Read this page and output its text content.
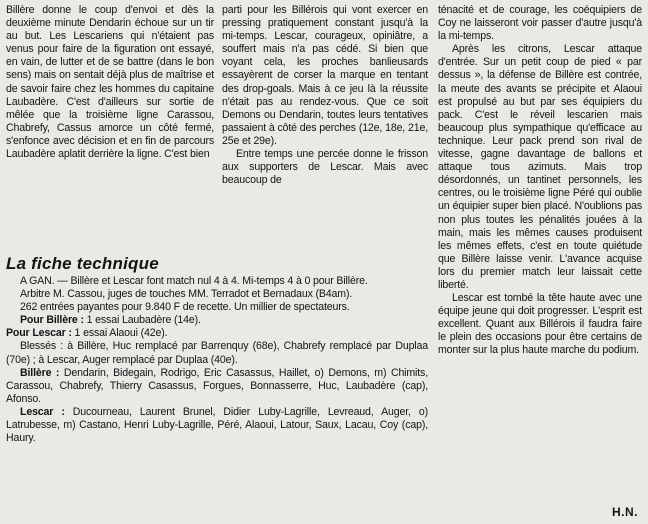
Billère donne le coup d'envoi et dès la deuxième minute Dendarin échoue sur un tir au but. Les Lescariens qui n'étaient pas venus pour faire de la figuration ont essayé, en vain, de lutter et de se battre (dans le bon sens) mais on sentait déjà plus de maîtrise et de savoir faire chez les hommes du capitaine Laubadère. C'est d'ailleurs sur sortie de mêlée que la troisième ligne Carassou, Chabrefy, Cassus amorce un côté fermé, s'enfonce avec décision et en fin de parcours Laubadère aplatit derrière la ligne. C'est bien

parti pour les Billérois qui vont exercer en pressing pratiquement constant jusqu'à la mi-temps. Lescar, courageux, opiniâtre, a souffert mais n'a pas cédé. Si bien que voyant cela, les proches banlieusards essayèrent de corser la marque en tentant des drop-goals. Mais à ce jeu là la réussite n'était pas au rendez-vous. Que ce soit Demons ou Dendarin, toutes leurs tentatives passaient à côté des perches (12e, 18e, 21e, 25e et 29e).

Entre temps une percée donne le frisson aux supporters de Lescar. Mais avec beaucoup de

ténacité et de courage, les coéquipiers de Coy ne laisseront voir passer d'autre jusqu'à la mi-temps.

Après les citrons, Lescar attaque d'entrée. Sur un petit coup de pied « par dessus », la défense de Billère est contrée, la meute des avants se précipite et Alaoui est propulsé au but par ses équipiers du pack. C'est le réveil lescarien mais beaucoup plus sympathique qu'efficace au technique. Leur pack prend son rival de vitesse, gagne davantage de ballons et attaque tous azimuts. Mais trop désordonnés, un tantinet personnels, les centres, ou le troisième ligne Péré qui oublie un équipier super bien placé. N'oublions pas non plus toutes les pénalités jouées à la main, mais les mêmes causes produisent les mêmes effets, c'est en toute quiétude que Billère laisse venir. L'avance acquise lors du premier match leur laissait cette liberté.

Lescar est tombé la tête haute avec une équipe jeune qui doit progresser. L'esprit est excellent. Quant aux Billérois il faudra faire le plein des occasions pour être certains de monter sur la plus haute marche du podium.

La fiche technique

A GAN. — Billère et Lescar font match nul 4 à 4. Mi-temps 4 à 0 pour Billère.

Arbitre M. Cassou, juges de touches MM. Terradot et Bernadaux (B4am).

262 entrées payantes pour 9.840 F de recette. Un millier de spectateurs.

Pour Billère : 1 essai Laubadère (14e).

Pour Lescar : 1 essai Alaoui (42e).

Blessés : à Billère, Huc remplacé par Barrenquy (68e), Chabrefy remplacé par Duplaa (70e) ; à Lescar, Auger remplacé par Duplaa (40e).

Billère : Dendarin, Bidegain, Rodrigo, Eric Casassus, Haillet, o) Demons, m) Chimits, Carassou, Chabrefy, Thierry Casassus, Forgues, Bonnasserre, Huc, Laubadère (cap), Afonso.

Lescar : Ducourneau, Laurent Brunel, Didier Luby-Lagrille, Levreaud, Auger, o) Latrubesse, m) Castano, Henri Luby-Lagrille, Péré, Alaoui, Latour, Saux, Lacau, Coy (cap), Haury.

H.N.
